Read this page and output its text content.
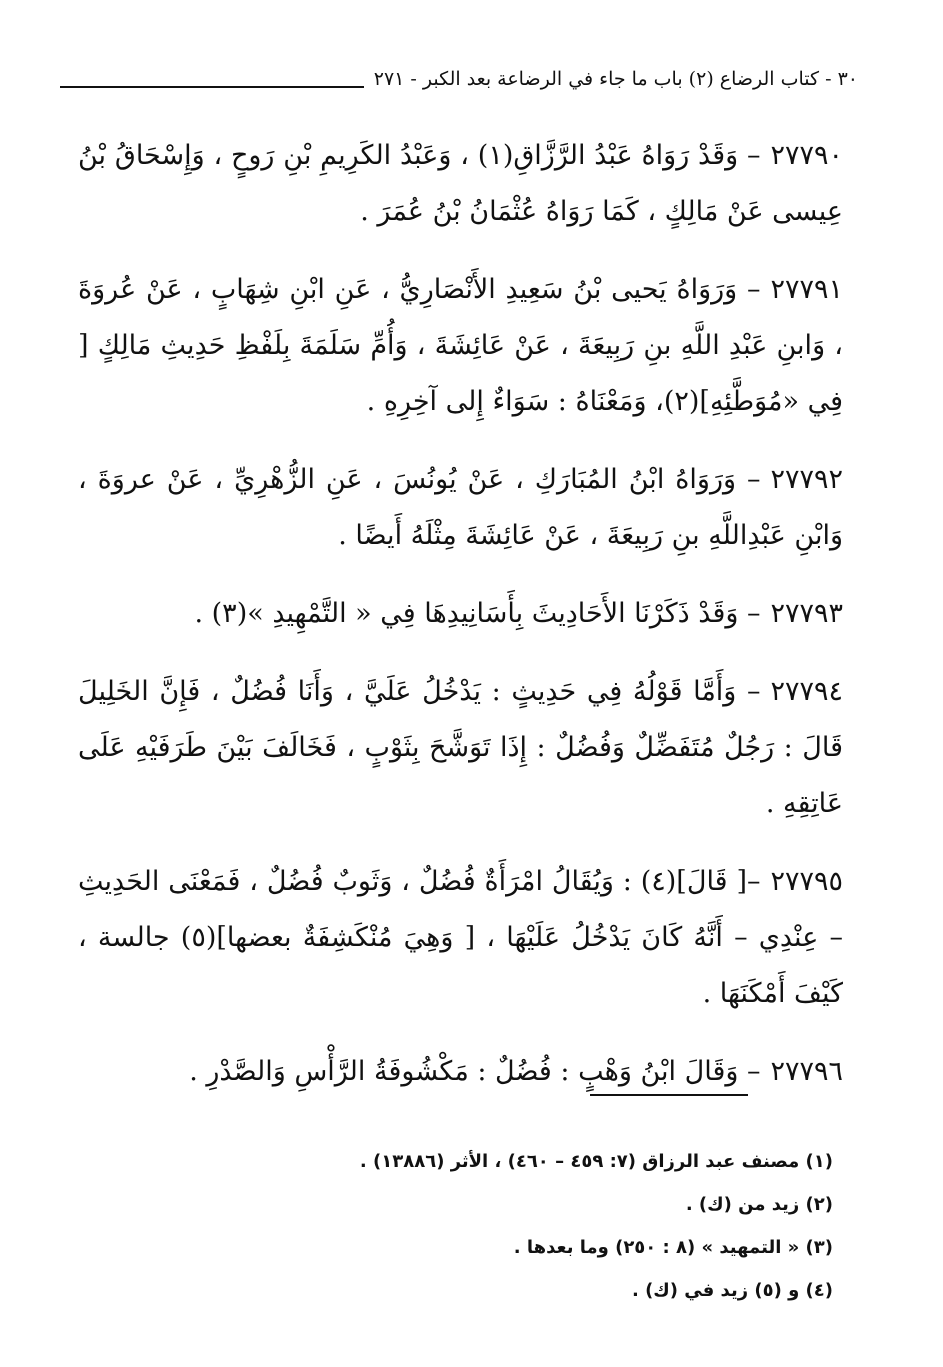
٣٠ - كتاب الرضاع (٢) باب ما جاء في الرضاعة بعد الكبر - ٢٧١

٢٧٧٩٠– وَقَدْ رَوَاهُ عَبْدُ الرَّزَّاقِ(١) ، وَعَبْدُ الكَرِيمِ بْنِ رَوحٍ ، وَإِسْحَاقُ بْنُ عِيسى عَنْ مَالِكٍ ، كَمَا رَوَاهُ عُثْمَانُ بْنُ عُمَرَ .

٢٧٧٩١– وَرَوَاهُ يَحيى بْنُ سَعِيدِ الأَنْصَارِيُّ ، عَنِ ابْنِ شِهَابٍ ، عَنْ عُروَةَ ، وَابنِ عَبْدِ اللَّهِ بنِ رَبِيعَةَ ، عَنْ عَائِشَةَ ، وَأُمِّ سَلَمَةَ بِلَفْظِ حَدِيثِ مَالِكٍ [ فِي «مُوَطَّئِهِ](٢)، وَمَعْنَاهُ : سَوَاءٌ إِلى آخِرِهِ .

٢٧٧٩٢– وَرَوَاهُ ابْنُ المُبَارَكِ ، عَنْ يُونُسَ ، عَنِ الزُّهْرِيِّ ، عَنْ عروَةَ ، وَابْنِ عَبْدِاللَّهِ بنِ رَبِيعَةَ ، عَنْ عَائِشَةَ مِثْلَهُ أَيضًا .

٢٧٧٩٣– وَقَدْ ذَكَرْنَا الأَحَادِيثَ بِأَسَانِيدِهَا فِي « التَّمْهِيدِ »(٣) .

٢٧٧٩٤– وَأَمَّا قَوْلُهُ فِي حَدِيثٍ : يَدْخُلُ عَلَيَّ ، وَأَنَا فُضُلٌ ، فَإِنَّ الخَلِيلَ قَالَ : رَجُلٌ مُتَفَضِّلٌ وَفُضُلٌ : إِذَا تَوَشَّحَ بِثَوْبٍ ، فَخَالَفَ بَيْنَ طَرَفَيْهِ عَلَى عَاتِقِهِ .

٢٧٧٩٥–[ قَالَ](٤) : وَيُقَالُ امْرَأَةٌ فُضُلٌ ، وَثَوبٌ فُضُلٌ ، فَمَعْنَى الحَدِيثِ – عِنْدِي – أَنَّهُ كَانَ يَدْخُلُ عَلَيْهَا ، [ وَهِيَ مُنْكَشِفَةٌ بعضها](٥) جالسة ، كَيْفَ أَمْكَنَهَا .

٢٧٧٩٦– وَقَالَ ابْنُ وَهْبٍ : فُضُلٌ : مَكْشُوفَةُ الرَّأْسِ وَالصَّدْرِ .

(١) مصنف عبد الرزاق (٧: ٤٥٩ – ٤٦٠) ، الأثر (١٣٨٨٦) .

(٢) زيد من (ك) .

(٣) « التمهيد » (٨ : ٢٥٠) وما بعدها .

(٤) و (٥) زيد في (ك) .
